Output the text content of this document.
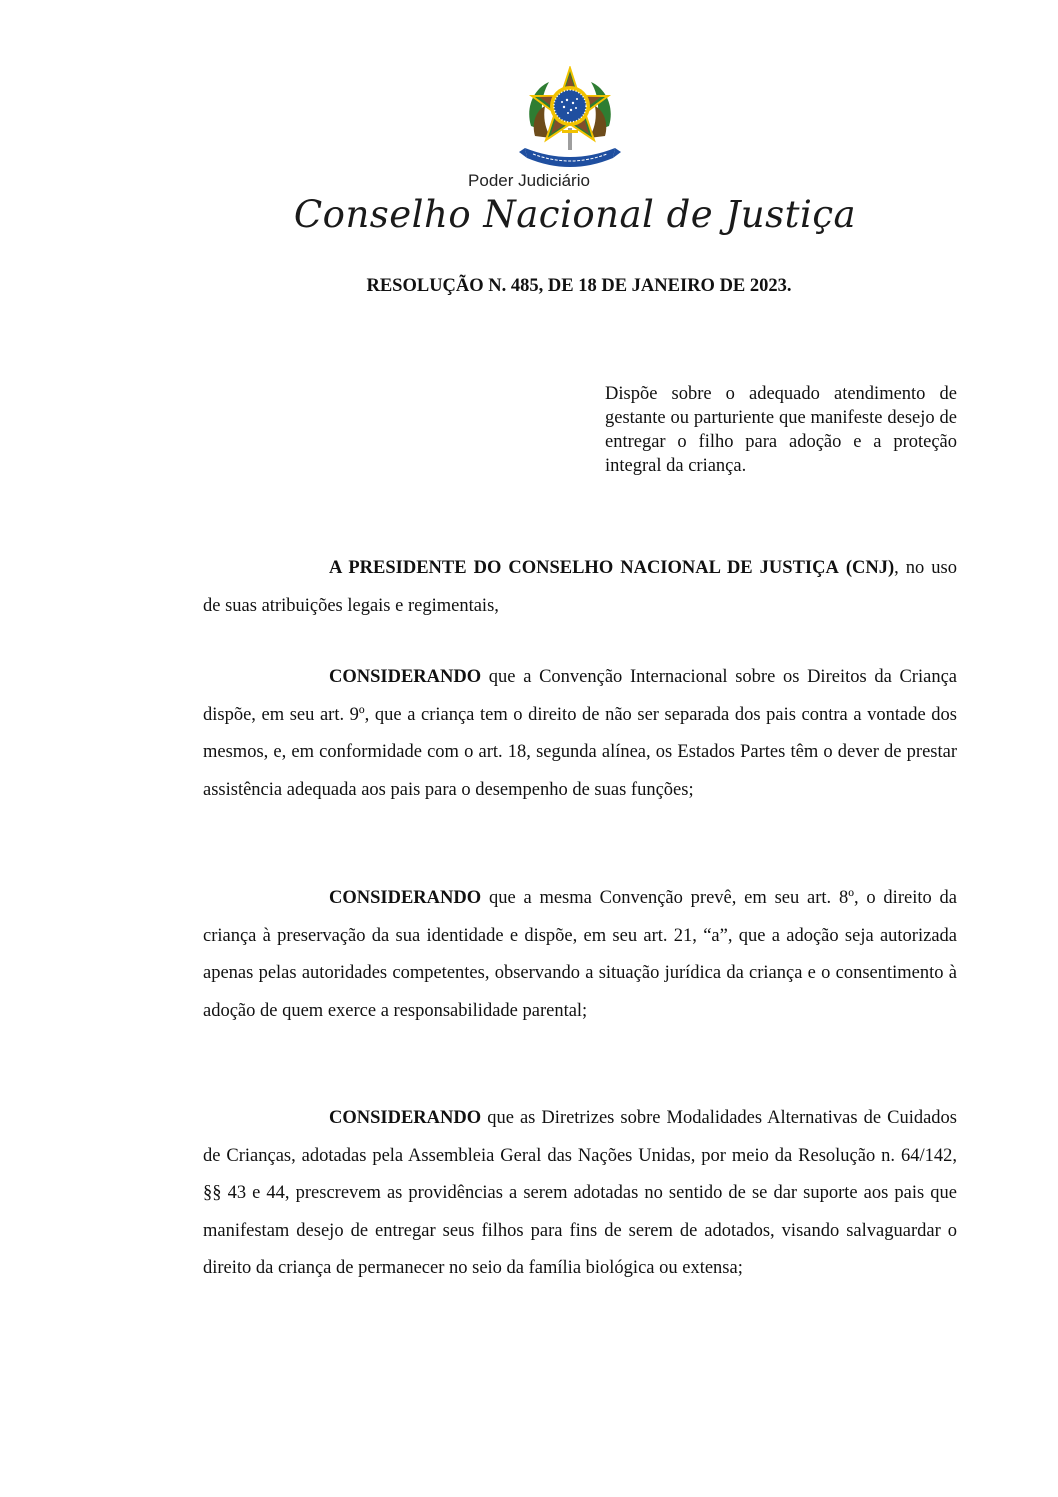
Poder Judiciário
Conselho Nacional de Justiça
RESOLUÇÃO N. 485, DE 18 DE JANEIRO DE 2023.
Dispõe sobre o adequado atendimento de gestante ou parturiente que manifeste desejo de entregar o filho para adoção e a proteção integral da criança.

A PRESIDENTE DO CONSELHO NACIONAL DE JUSTIÇA (CNJ), no uso de suas atribuições legais e regimentais,

CONSIDERANDO que a Convenção Internacional sobre os Direitos da Criança dispõe, em seu art. 9º, que a criança tem o direito de não ser separada dos pais contra a vontade dos mesmos, e, em conformidade com o art. 18, segunda alínea, os Estados Partes têm o dever de prestar assistência adequada aos pais para o desempenho de suas funções;

CONSIDERANDO que a mesma Convenção prevê, em seu art. 8º, o direito da criança à preservação da sua identidade e dispõe, em seu art. 21, “a”, que a adoção seja autorizada apenas pelas autoridades competentes, observando a situação jurídica da criança e o consentimento à adoção de quem exerce a responsabilidade parental;

CONSIDERANDO que as Diretrizes sobre Modalidades Alternativas de Cuidados de Crianças, adotadas pela Assembleia Geral das Nações Unidas, por meio da Resolução n. 64/142, §§ 43 e 44, prescrevem as providências a serem adotadas no sentido de se dar suporte aos pais que manifestam desejo de entregar seus filhos para fins de serem de adotados, visando salvaguardar o direito da criança de permanecer no seio da família biológica ou extensa;
